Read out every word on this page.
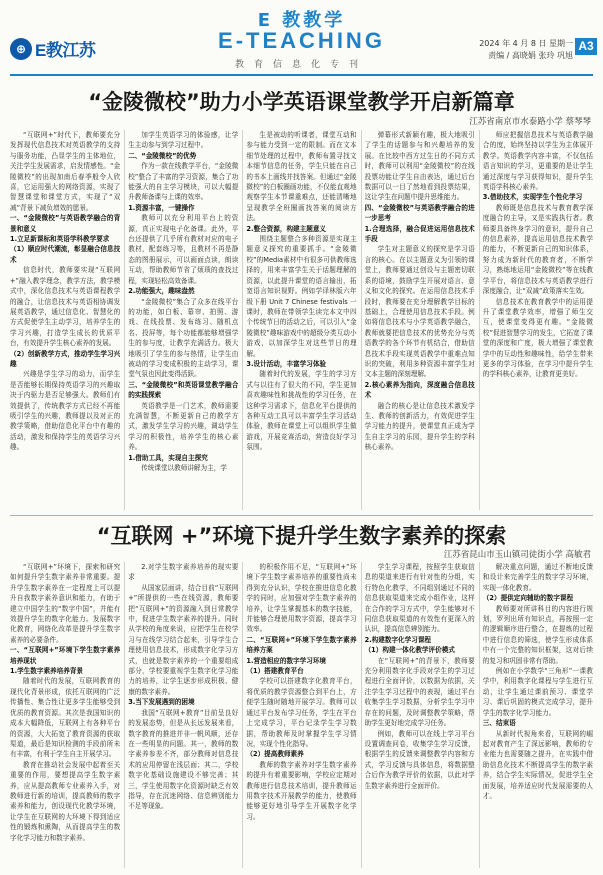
⊕ E教江苏
E 教教学
E-TEACHING
教育信息化专刊
2024 年 4 月 8 日 星期一
责编 / 高晓娟 张玲 巩旭
A3
“金陵微校”助力小学英语课堂教学开启新篇章
江苏省南京市水泰路小学 蔡琴琴

“互联网+”时代下，教师要充分发挥现代信息技术对英语教学的支持与服务功能，凸显学生的主体地位，关注学生发展需求，启发情感性。“金陵微校”的出现加南后春季般令人欣喜，它运用强大的网络资源，实现了智慧课堂和课堂方式，实现了“双减”背景下减负增效的愿景。

一、“金陵微校”与英语教学融合的背景和意义

1.立足新课标和英语学科教学要求

（1）顺应时代潮流，彰显融合信息技术

信息时代，教师要实现“互联网+”融入教学理念，教学方法，教学模式中，深化信息技术与英语课程教学的融合，让信息技术与英语相协调发展英语教学，通过信息化、智慧化的方式促使学生主动学习，培养学生的学习兴趣，打造学生成长的优质平台，有效提升学生核心素养的发展。

（2）创新教学方式，推动学生学习兴趣

兴趣是学生学习的动力，而学生是否能够长期保持英语学习的兴趣取决于内驱力是否足够强大。教师们有效提供了，传统教学方式已经不再能吸引学生的兴趣，教师提以及对正的教学策略，借助信息化平台中有趣的活动，激发和保持学生的英语学习兴趣。

加学生英语学习的体验感，让学生主动参与到学习过程中。

二、“金陵微校”的优势

作为一款在线教学平台，“金陵微校”整合了丰富的学习资源，集合了功能强大的自主学习模块，可以大幅提升教师备课与上课的效率。

1.资源丰富，一键操作

教师可以充分利用平台上的资源，真正实现电子化备课。此外，平台还提供了几乎所有教材对应的电子教材，配套练习等，且教材不再是静态的图册展示，可以画面点读，朗读互动，帮助教师节省了烦琐的查找过程，实现轻松高效备课。

2.功能强大，趣味盎然

“金陵微校”集合了众多在线平台的功能，如白板、幕帘、拍照、游戏、在线投票、发布练习、随机点名、投屏等，每个功能都能够增强学生的参与度，让教学充满活力。极大地吸引了学生的参与热情，让学生由被动的学习变成积极的主动学习，课堂气氛也因此变得活跃。

三、“金陵微校”和英语课堂教学融合的实践探索

英语教学是一门艺术，教师需要充满智慧，不断更新自己的教学方式，激发学生学习的兴趣，调动学生学习的积极性，培养学生的核心素养。

1.借助工具，实现自主探究

传统课堂以教师讲解为主，学

生是被动的听课者，课堂互动和参与能力受到一定的限制。而在文本细节处理的过程中，教师布置寻找文本细节信息的任务，学生只能在自己的书本上画线并找答案。但通过“金陵微校”的白板圈画功能，不仅能直观地观察学生本节课重难点，还能清晰地呈现教学全班圈画找答案的阅读方法。

2.整合资源，构建主题意义

围绕主题整合多种资源是实现主题意义探究的重要抓手。“金陵微校”的Media素材中有很多可供教师选择的，用来丰富学生关于话题理解的资源，以此提升课堂的语言输出，拓宽语言知识视野。例如学译林版六年级下册 Unit 7 Chinese festivals 一课时，教师在带领学生读完本文中四个传统节日的活动之后，可以引入“金陵微校”趣味游戏中的超级分类互动小游戏，以加深学生对这些节日的理解。

3.设计活动，丰富学习体验

随着时代的发展，学生的学习方式与以往有了很大的不同，学生更加喜欢趣味性和挑战性的学习任务，在这种学习需求下，信息化平台提供的各种互动工具可以丰富学生学习活动体验，教师在课堂上可以组织学生做游戏，开展竞赛活动，营造良好学习氛围。

弹幕形式新颖有趣，极大地吸引了学生的话题参与和兴趣培养的发展。在比较中西方过生日的不同方式时，教师可以利用“金陵微校”的在线投票功能让学生自由表达，通过后台数据可以一目了然地看到投票结果，这让学生在问题中提升思维能力。

四、“金陵微校”与英语教学融合的进一步思考

1.合理选择，融合促进运用信息技术手段

学生对主题意义的探究是学习语言的核心。在以主题意义为引领的课堂上，教师要通过创设与主题密切联系的语境，鼓励学生开展对语言、意义和文化的探究。在运用信息技术手段时，教师要在充分理解教学目标的基础上，合理使用信息技术手段。例如将信息技术与小学英语教学融合，教师就要把信息技术的优势充分与英语教学的各个环节有机结合，借助信息技术手段实现英语教学中重难点知识的突破，利用多种资源丰富学生对文本主题的深刻理解。

2.核心素养为指向，深度融合信息技术

融合的核心是让信息技术激发学生、教师的创新活力，有效促进学生学习能力的提升，使课堂真正成为学生自主学习的乐园，提升学生的学科核心素养。

师应把握信息技术与英语教学融合的度，始终坚持以学生为主体展开教学。英语教学内容丰富，不仅包括语言知识的学习，更重要的是让学生通过深度与学习获得知识，提升学生英语学科核心素养。

3.借助技术，实现学生个性化学习

教师既是信息技术与教育教学深度融合的主导，又是实践执行者。教师要具备终身学习的意识，提升自己的信息素养，提高运用信息技术教学的能力，不断更新自己的知识体系，努力成为新时代的教育者，不断学习，熟练地运用“金陵微校”等在线教学平台，将信息技术与英语教学进行深度融合，让“双减”政策落实生效。

信息技术在教育教学中的运用提升了课堂教学效率，增强了师生交互，使课堂变得更有趣。“金陵微校”促进智慧学习的发生，它拓宽了课堂的深度和广度，极大增强了课堂教学中的互动性和趣味性，给学生带来更多的学习体验，在学习中提升学生的学科核心素养，让教育更美好。

“互联网 +”环境下提升学生数字素养的探索
江苏省昆山市玉山镇司徒街小学 高敏君

“互联网+”环境下，探索和研究如何提升学生数字素养非常重要。提升学生数字素养在一定程度上可以提升自我数字素养意识和能力，有助于建立中国学生的“数字中国”，并能有效提升学生的数字化能力。发展数字化教育，网络化改革是提升学生数字素养的必要条件。

一、“互联网+”环境下学生数字素养培养现状

1.学生数字素养培养背景

随着时代的发展，互联网教育的现代化背景形成，依托互联网的广泛传播性、集合性让更多学生能够受到优质的教育资源。其次是我国知识的成本大幅降低，互联网上有各种平台的资源，大大拓宽了教育资源的获取渠道，最后是知识检测的手段前所未有丰富，有利于学生自主开展学习。

教育在推动社会发展中起着至关重要的作用，要想提高学生数字素养，应从提高教师专业素养入手，对教师进行新的培训，提高教师的数字素养和能力，创设现代化教学环境，让学生在互联网的大环境下得到适应性的锻炼和熏陶，从而提高学生的数字化学习能力和数字素养。

2.对学生数字素养培养的现实要求

从国家层面讲，结合目前“互联网+”所提供的一些在线资源，教师要把“互联网+”的资源融入到日常教学中，促进学生数字素养的提升。同时从学校的角度来说，应把学生在校学习与在线学习结合起来，引导学生合理使用信息技术，形成数字化学习方式，也就是数字素养的一个重要组成部分，学校要重视学生数字化学习能力的培养，让学生逐步形成积极、健康的数字素养。

3.当下发展遇到的困境

我国“互联网+教育”目前呈良好的发展态势，但是从长远发展来看，数字教育的推进并非一帆风顺，还存在一些明显的问题。其一，教师的数字素养参差不齐，部分教师对信息技术的应用停留在浅层面；其二，学校数字化基础设施建设不够完善；其三，学生使用数字化资源时缺乏有效指导，存在沉迷网络、信息辨别能力不足等现象。

的积极作用不足，“互联网+”环境下学生数字素养培养的重要性尚未得到充分认识，学校在推进信息化教学的同时，应加强对学生数字素养的培养，让学生掌握基本的数字技能，并能够合理使用数字资源，提高学习效率。

二、“互联网+”环境下学生数字素养培养方案

1.营造相应的数字学习环境

（1）搭建教育平台

学校可以搭建数字化教育平台，将优质的教学资源整合到平台上，方便学生随时随地开展学习。教师可以通过平台发布学习任务，学生在平台上完成学习，平台记录学生学习数据，帮助教师及时掌握学生学习情况，实现个性化指导。

（2）提高教师素养

教师的数字素养对学生数字素养的提升有着重要影响，学校应定期对教师进行信息技术培训，提升教师运用数字技术开展教学的能力，使教师能够更好地引导学生开展数字化学习。

学生学习课程，按照学生获取信息的渠道来进行有针对性的分组，实行特色化教学，不同组别通过不同的信息获取渠道来完成小组作业，这样在合作的学习方式中，学生能够对不同信息获取渠道的有效性有更深入的认识，提高信息辨别能力。

2.构建数字化学习课程

（1）构建一体化教学评价模式

在“互联网+”的背景下，教师要充分利用数字化手段对学生的学习过程进行全面评价，以数据为依据，关注学生学习过程中的表现，通过平台收集学生学习数据，分析学生学习中存在的问题，及时调整教学策略，帮助学生更好地完成学习任务。

例如，教师可以在线上学习平台设置调查问卷，收集学生学习反馈，根据学生的反馈来调整教学内容和方式，学习反馈与具体信息，将数据整合后作为教学评价的依据，以此对学生数字素养进行全面评价。

解决重点问题，通过不断地反馈和设计来完善学生的数字学习环境，实现一体化教育。

（2）提供定向辅助的数字课程

教师要对所讲科目的内容进行规划，罗列出所有知识点，再按照一定的逻辑顺序进行整合，在提炼的过程中进行信息的筛选，使学生形成体系中有一个完整的知识框架，这对后续的复习和巩固非常有帮助。

例如在小学数学“三角形”一课教学中，利用数字化课程与学生进行互动，让学生通过课前预习、课堂学习、课后巩固的模式完成学习，提升学生的数字化学习能力。

三、结束语

从新时代视角来看，互联网的崛起对教育产生了深远影响，教师的专业能力也需要随之提升，在实践中借助信息化技术不断提高学生的数字素养，结合学生实际情况，促进学生全面发展，培养适应时代发展需要的人才。
